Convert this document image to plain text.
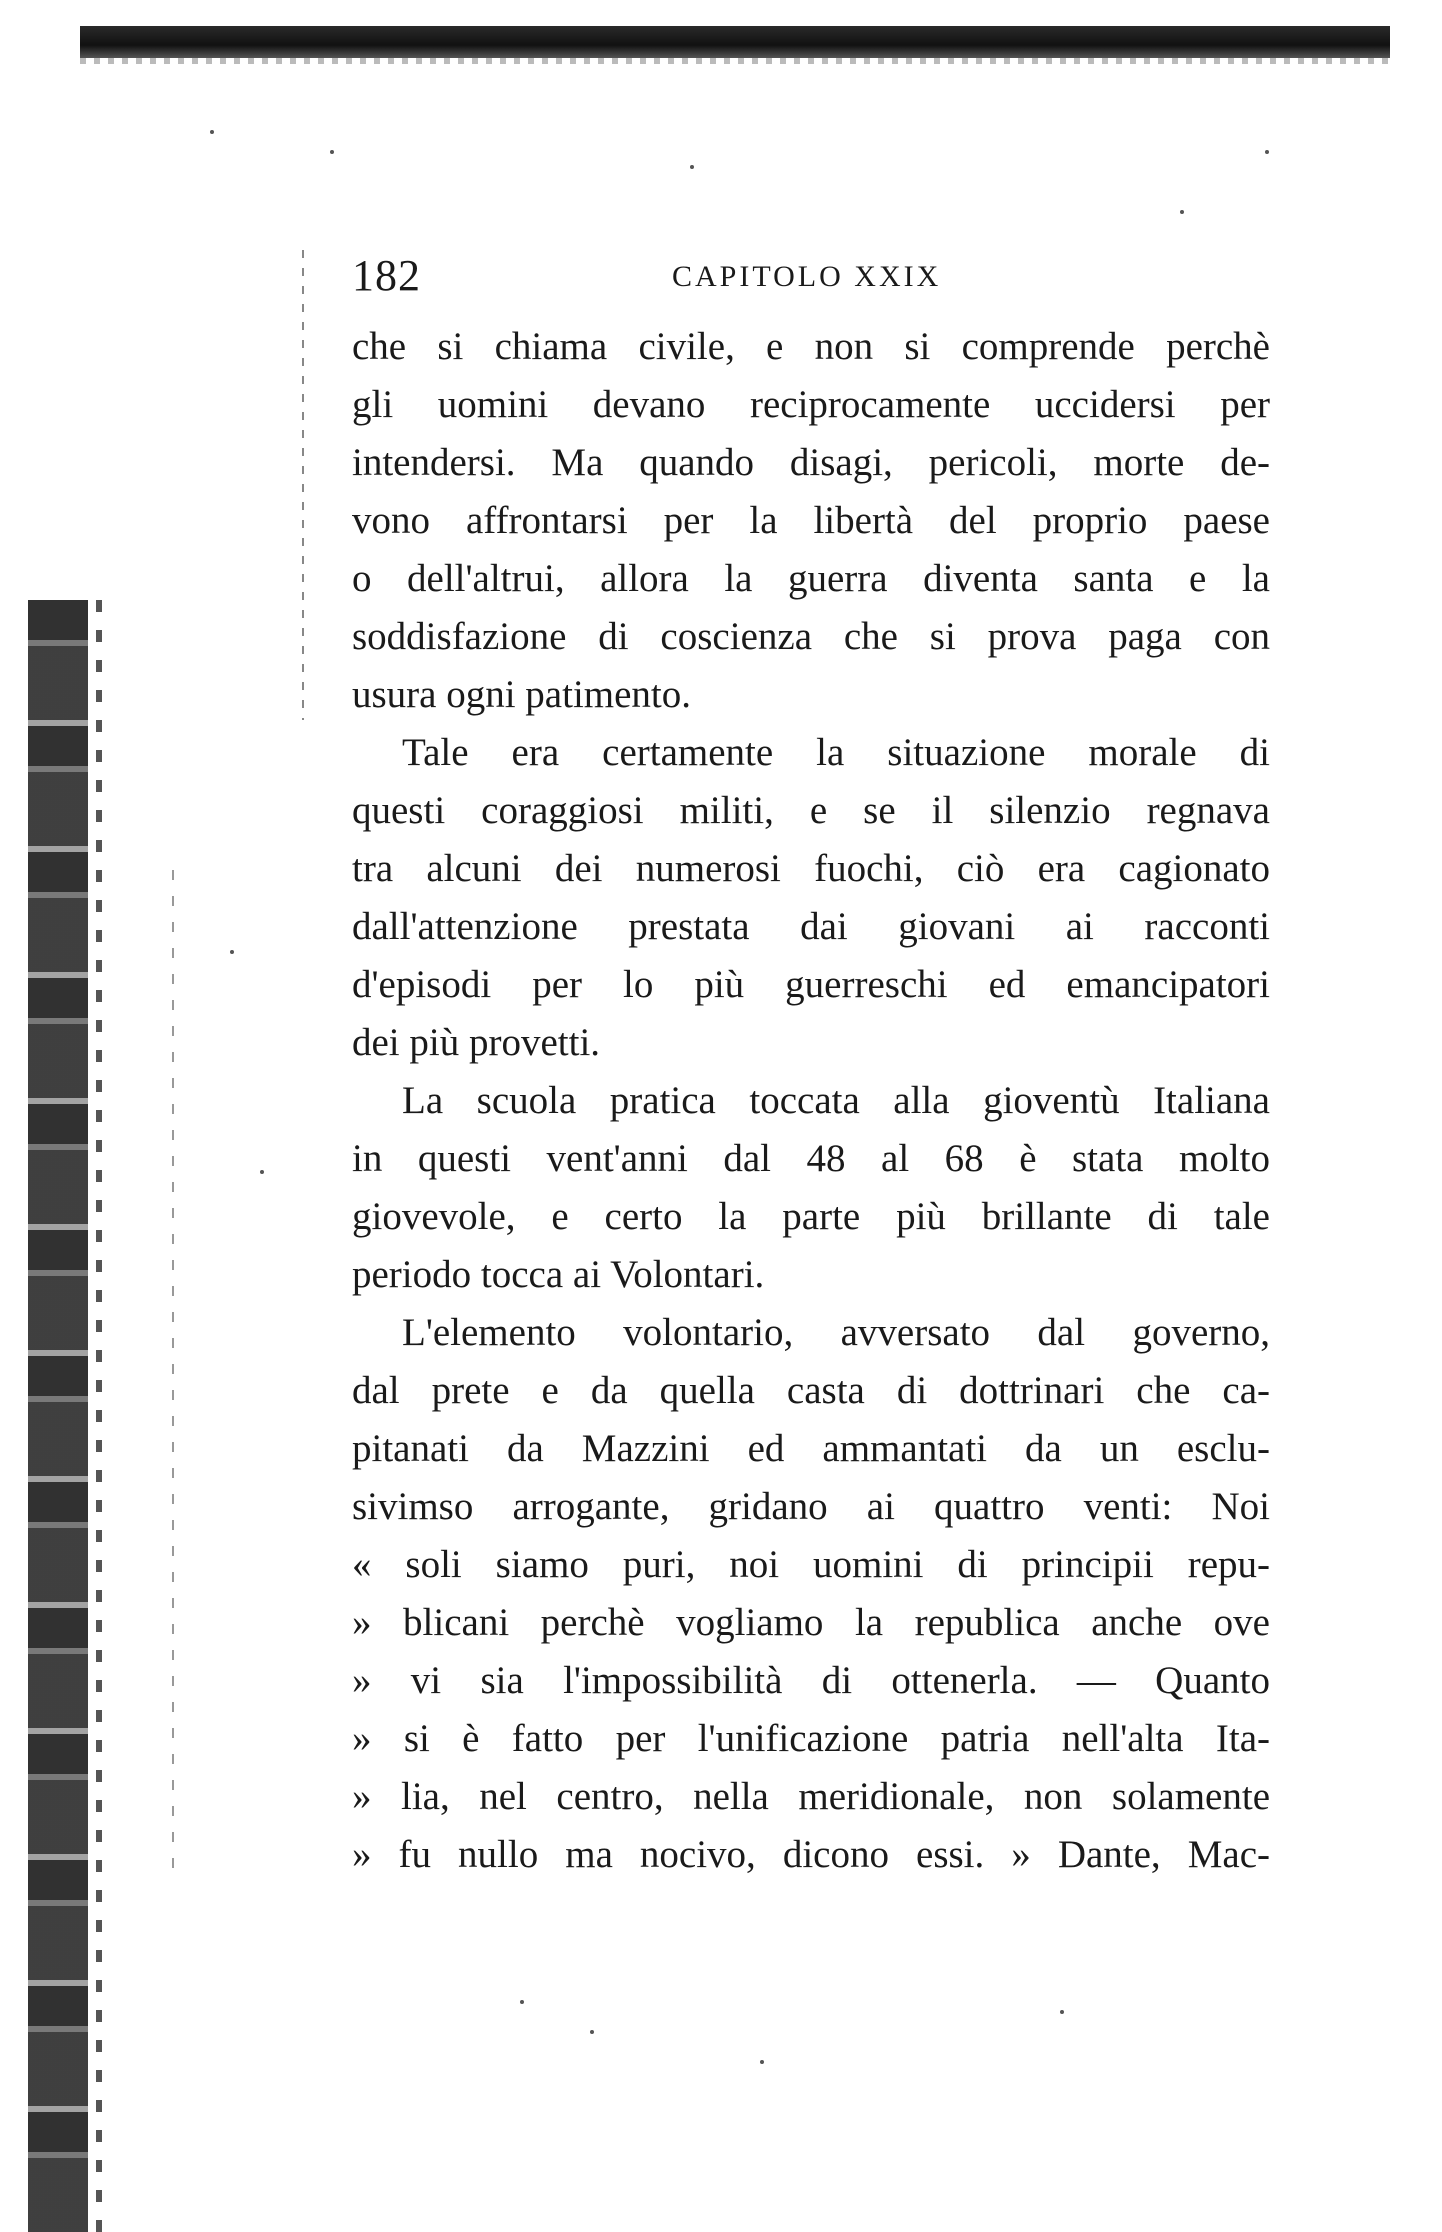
182	CAPITOLO XXIX
che si chiama civile, e non si comprende perchè
gli uomini devano reciprocamente uccidersi per
intendersi. Ma quando disagi, pericoli, morte de-
vono affrontarsi per la libertà del proprio paese
o dell'altrui, allora la guerra diventa santa e la
soddisfazione di coscienza che si prova paga con
usura ogni patimento.
Tale era certamente la situazione morale di
questi coraggiosi militi, e se il silenzio regnava
tra alcuni dei numerosi fuochi, ciò era cagionato
dall'attenzione prestata dai giovani ai racconti
d'episodi per lo più guerreschi ed emancipatori
dei più provetti.
La scuola pratica toccata alla gioventù Italiana
in questi vent'anni dal 48 al 68 è stata molto
giovevole, e certo la parte più brillante di tale
periodo tocca ai Volontari.
L'elemento volontario, avversato dal governo,
dal prete e da quella casta di dottrinari che ca-
pitanati da Mazzini ed ammantati da un esclu-
sivimso arrogante, gridano ai quattro venti: Noi
« soli siamo puri, noi uomini di principii repu-
» blicani perchè vogliamo la republica anche ove
» vi sia l'impossibilità di ottenerla. — Quanto
» si è fatto per l'unificazione patria nell'alta Ita-
» lia, nel centro, nella meridionale, non solamente
» fu nullo ma nocivo, dicono essi. » Dante, Mac-
